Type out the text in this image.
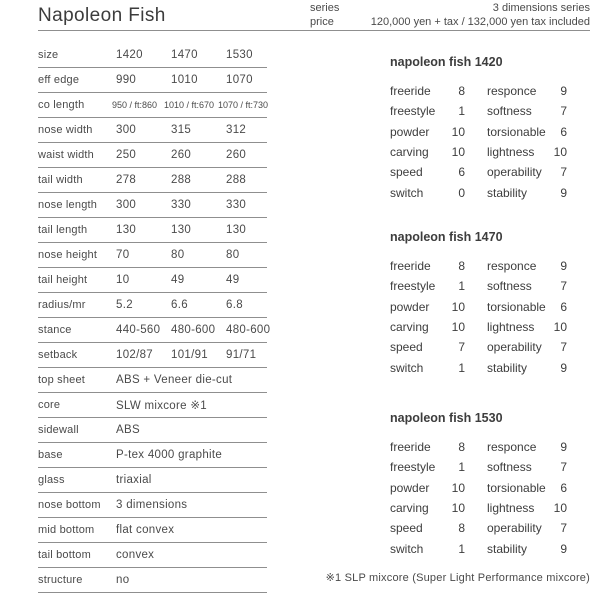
Napoleon Fish	series	3 dimensions series
price	120,000 yen + tax / 132,000 yen tax included
size	1420 1470 1530
eff edge	990	1010 1070
co length	950 / ft:860 1010 / ft:670 1070 / ft:730
nose width 300	315	312
waist width 250	260	260
tail width	278	288	288
nose length 300	330	330
tail length 130	130	130
nose height 70	80	80
tail height 10	49	49
radius/mr	5.2	6.6	6.8
stance	440-560 480-600 480-600
setback	102/87 101/91 91/71
top sheet	ABS + Veneer die-cut
core	SLW mixcore ※1
sidewall	ABS
base	P-tex 4000 graphite
glass	triaxial
nose bottom 3 dimensions
mid bottom flat convex
tail bottom convex
structure	no
napoleon fish 1420
freeride 8 responce 9
freestyle 1 softness 7
powder 10 torsionable 6
carving 10 lightness 10
speed	6 operability 7
switch	0 stability	9
napoleon fish 1470
freeride 8 responce 9
freestyle 1 softness 7
powder 10 torsionable 6
carving 10 lightness 10
speed	7 operability 7
switch	1 stability	9
napoleon fish 1530
freeride 8 responce 9
freestyle 1 softness 7
powder 10 torsionable 6
carving 10 lightness 10
speed	8 operability 7
switch	1 stability	9
※1 SLP mixcore (Super Light Performance mixcore)
